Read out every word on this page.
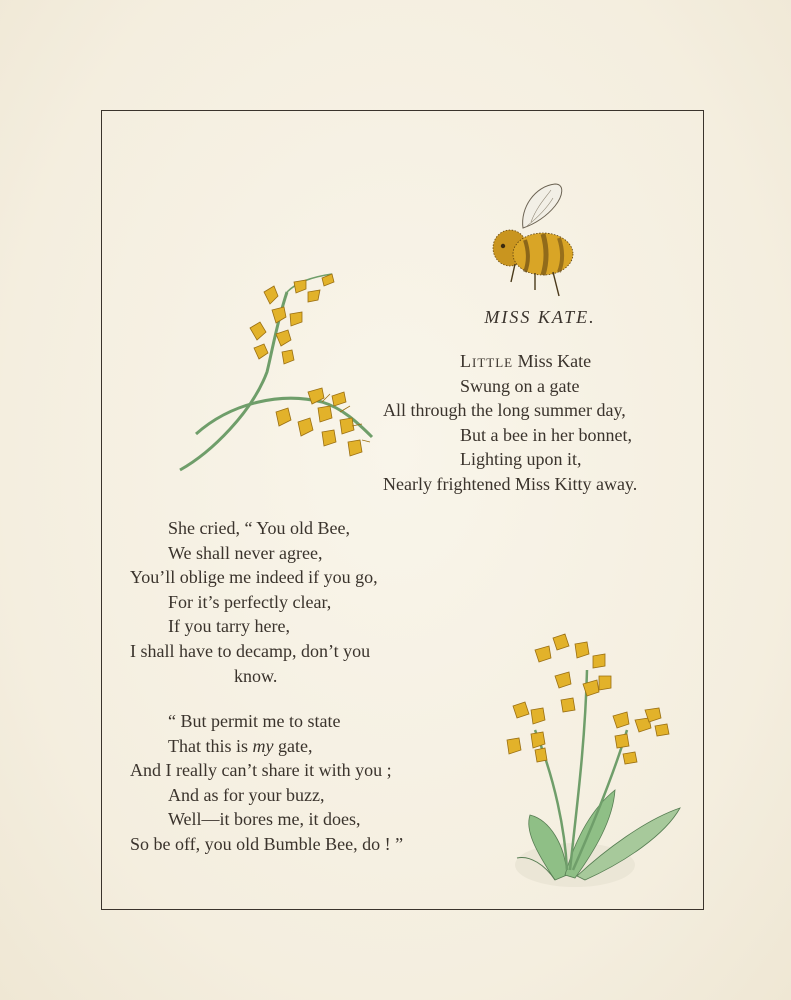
MISS KATE.
Little Miss Kate
Swung on a gate
All through the long summer day,
But a bee in her bonnet,
Lighting upon it,
Nearly frightened Miss Kitty away.
She cried, “ You old Bee,
We shall never agree,
You’ll oblige me indeed if you go,
For it’s perfectly clear,
If you tarry here,
I shall have to decamp, don’t you
know.
“ But permit me to state
That this is my gate,
And I really can’t share it with you ;
And as for your buzz,
Well—it bores me, it does,
So be off, you old Bumble Bee, do ! ”
